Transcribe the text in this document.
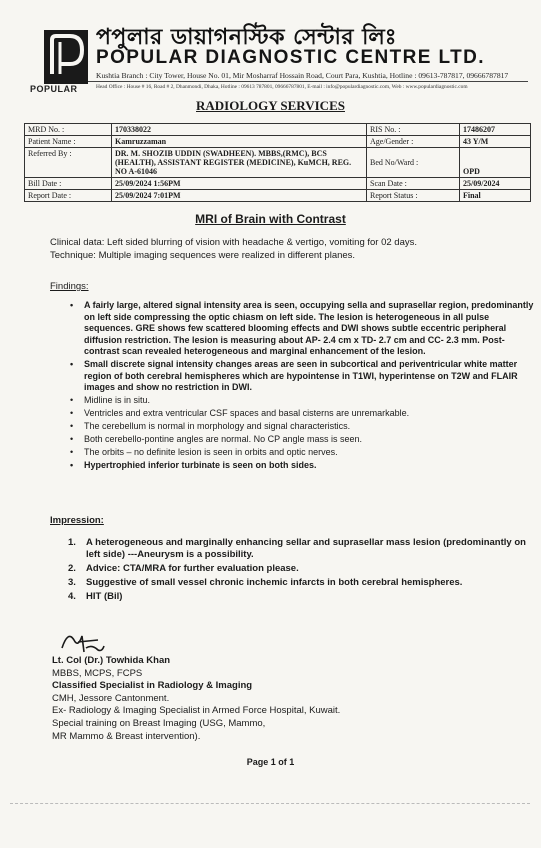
POPULAR
পপুলার ডায়াগনস্টিক সেন্টার লিঃ
POPULAR DIAGNOSTIC CENTRE LTD.
Kushtia Branch : City Tower, House No. 01, Mir Mosharraf Hossain Road, Court Para, Kushtia, Hotline : 09613-787817, 09666787817
Head Office : House # 16, Road # 2, Dhanmondi, Dhaka, Hotline : 09613 787801, 09666787801, E-mail : info@populardiagnostic.com, Web : www.populardiagnostic.com
RADIOLOGY SERVICES
MRD No. :	170338022	RIS No. :	17486207
Patient Name :	Kamruzzaman	Age/Gender :	43 Y/M
Referred By :	DR. M. SHOZIB UDDIN (SWADHEEN). MBBS,(RMC), BCS (HEALTH), ASSISTANT REGISTER (MEDICINE), KuMCH, REG. NO A-61046	Bed No/Ward :	OPD
Bill Date :	25/09/2024 1:56PM	Scan Date :	25/09/2024
Report Date :	25/09/2024 7:01PM	Report Status :	Final
MRI of Brain with Contrast
Clinical data: Left sided blurring of vision with headache & vertigo, vomiting for 02 days.
Technique: Multiple imaging sequences were realized in different planes.
Findings:
• A fairly large, altered signal intensity area is seen, occupying sella and suprasellar region, predominantly on left side compressing the optic chiasm on left side. The lesion is heterogeneous in all pulse sequences. GRE shows few scattered blooming effects and DWI shows subtle eccentric peripheral diffusion restriction. The lesion is measuring about AP- 2.4 cm x TD- 2.7 cm and CC- 2.3 mm. Post-contrast scan revealed heterogeneous and marginal enhancement of the lesion.
• Small discrete signal intensity changes areas are seen in subcortical and periventricular white matter region of both cerebral hemispheres which are hypointense in T1WI, hyperintense on T2W and FLAIR images and show no restriction in DWI.
• Midline is in situ.
• Ventricles and extra ventricular CSF spaces and basal cisterns are unremarkable.
• The cerebellum is normal in morphology and signal characteristics.
• Both cerebello-pontine angles are normal. No CP angle mass is seen.
• The orbits – no definite lesion is seen in orbits and optic nerves.
• Hypertrophied inferior turbinate is seen on both sides.
Impression:
1. A heterogeneous and marginally enhancing sellar and suprasellar mass lesion (predominantly on left side) ---Aneurysm is a possibility.
2. Advice: CTA/MRA for further evaluation please.
3. Suggestive of small vessel chronic inchemic infarcts in both cerebral hemispheres.
4. HIT (Bil)
Lt. Col (Dr.) Towhida Khan
MBBS, MCPS, FCPS
Classified Specialist in Radiology & Imaging
CMH, Jessore Cantonment.
Ex- Radiology & Imaging Specialist in Armed Force Hospital, Kuwait.
Special training on Breast Imaging (USG, Mammo,
MR Mammo & Breast intervention).
Page 1 of 1
